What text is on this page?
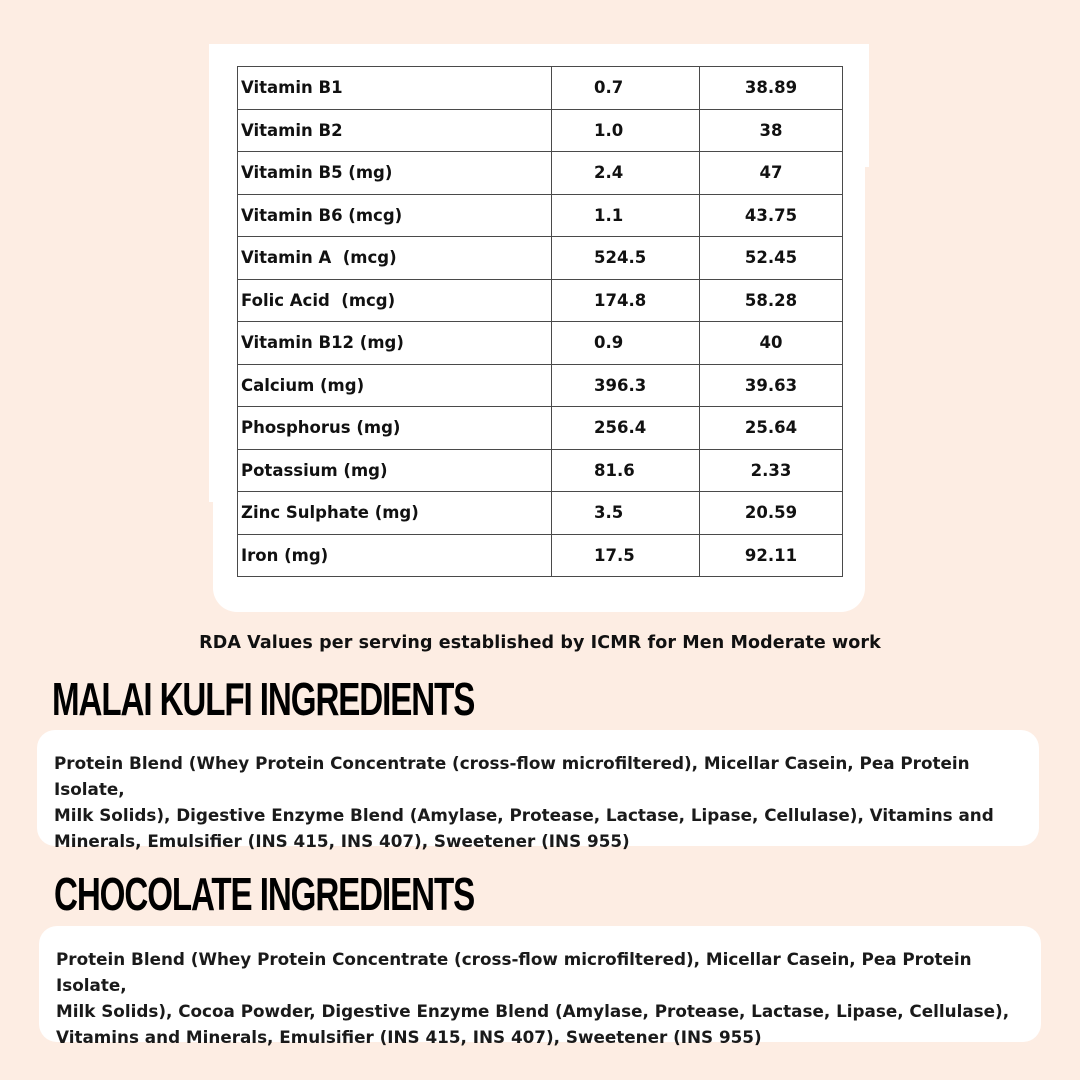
Vitamin B1	0.7	38.89
Vitamin B2	1.0	38
Vitamin B5 (mg)	2.4	47
Vitamin B6 (mcg)	1.1	43.75
Vitamin A  (mcg)	524.5	52.45
Folic Acid  (mcg)	174.8	58.28
Vitamin B12 (mg)	0.9	40
Calcium (mg)	396.3	39.63
Phosphorus (mg)	256.4	25.64
Potassium (mg)	81.6	2.33
Zinc Sulphate (mg)	3.5	20.59
Iron (mg)	17.5	92.11
RDA Values per serving established by ICMR for Men Moderate work
MALAI KULFI INGREDIENTS

Protein Blend (Whey Protein Concentrate (cross-flow microfiltered), Micellar Casein, Pea Protein Isolate,

Milk Solids), Digestive Enzyme Blend (Amylase, Protease, Lactase, Lipase, Cellulase), Vitamins and

Minerals, Emulsifier (INS 415, INS 407), Sweetener (INS 955)

CHOCOLATE INGREDIENTS

Protein Blend (Whey Protein Concentrate (cross-flow microfiltered), Micellar Casein, Pea Protein Isolate,

Milk Solids), Cocoa Powder, Digestive Enzyme Blend (Amylase, Protease, Lactase, Lipase, Cellulase),

Vitamins and Minerals, Emulsifier (INS 415, INS 407), Sweetener (INS 955)
